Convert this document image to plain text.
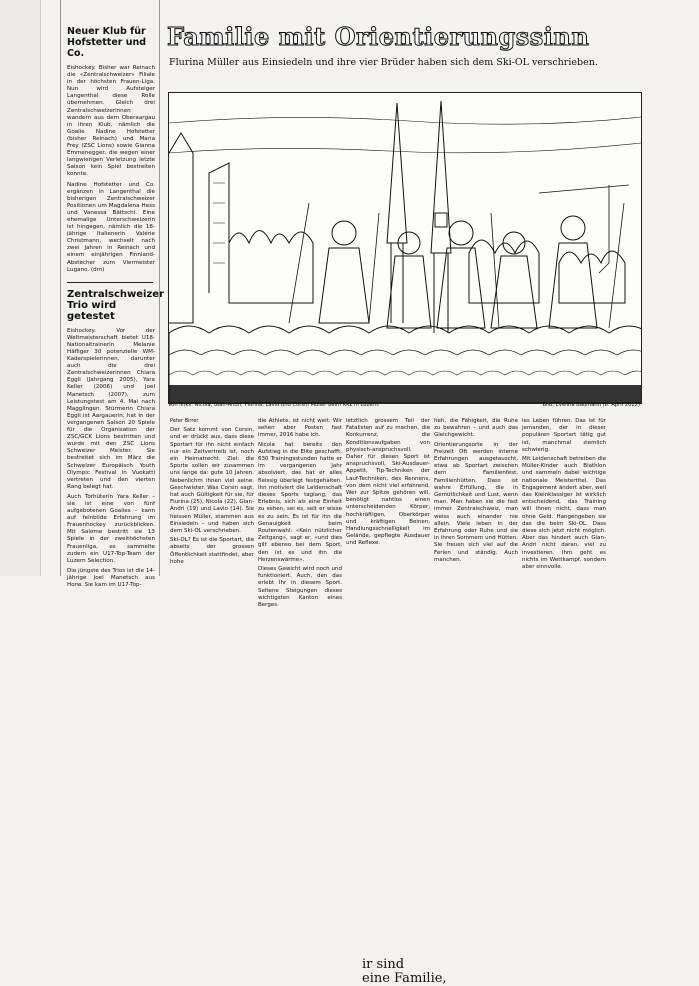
Neuer Klub für Hofstetter und Co.

Eishockey. Bisher war Reinach die «Zentralschweizer» Filiale in der höchsten Frauen-Liga. Nun wird Aufsteiger Langenthal diese Rolle übernehmen. Gleich drei Zentralschweizerinnen wandern aus dem Oberaargau in ihren Klub, nämlich die Goalie Nadine Hofstetter (bisher Reinach) und Maria Frey (ZSC Lions) sowie Gianna Emmenegger, die wegen einer langwierigen Verletzung letzte Saison kein Spiel bestreiten konnte.

Nadine Hofstetter und Co. ergänzen in Langenthal die bisherigen Zentralschweizer Positionen um Magdalena Hess und Vanessa Bättschi. Eine ehemalige Unterschweizerin ist hingegen, nämlich die 18-jährige Italienerin Valérie Christmann, wechselt nach zwei Jahren in Reinach und einem einjährigen Finnland-Abstecher zum Viermeister Lugano. (dm)

Zentralschweizer Trio wird getestet

Eishockey. Vor der Weltmeisterschaft bietet U18-Nationaltrainerin Melanie Häfliger 30 potenzielle WM-Kaderspielerinnen, darunter auch die drei Zentralschweizerinnen Chiara Eggli (Jahrgang 2005), Yara Keller (2006) und Joel Manetsch (2007), zum Leistungstest am 4. Mai nach Magglingen. Stürmerin Chiara Eggli ist Aargauerin, hat in der vergangenen Saison 20 Spiele für die Organisation der ZSC/GCK Lions bestritten und wurde mit den ZSC Lions Schweizer Meister. Sie bestreitet sich im März die Schweizer Europäisch Youth Olympic Festival in Vuokatti vertreten und den vierten Rang belegt hat.

Auch Torhüterin Yara Keller – sie ist eine von fünf aufgebotenen Goalies – kann auf feinbilde Erfahrung im Frauenhockey zurückblicken. Mit Salome bestritt sie 13 Spiele in der zweithöchsten Frauenliga, es sammelte zudem ein U17-Top-Team der Luzern Selection.

Die jüngste des Trios ist die 14-jährige Joel Manetsch aus Horw. Sie kam im U17-Top-

Familie mit Orientierungssinn
Flurina Müller aus Einsiedeln und ihre vier Brüder haben sich dem Ski-OL verschrieben.
Von links: Nicola, Gian-Andri, Flurina, Lavio und Corsin Müller beim KKL in Luzern.	Bild: Evelina Baumann (8. April 2022)

Peter Birrer

Der Satz kommt von Corsin, und er drückt aus, dass diese Sportart für ihn nicht einfach nur ein Zeitvertreib ist, noch ein Heimatrecht. Ziel: die Sporte sollen wir zusammen uns lange da: gute 10 Jahren. Nebenlichm ihnen viel seine. Geschwister. Was Corsin sagt, hat auch Gültigkeit für sie, für Flurina (25), Nicola (22), Gian-Andri (19) und Lavio (14). Sie heissen Müller, stammen aus Einsiedeln – und haben sich dem Ski-OL verschrieben.

Ski-OL? Es ist die Sportart, die abseits der grossen Öffentlichkeit stattfindet, aber hohe

die Athlete, ist nicht weit. Wir sehen aber Posten fast immer, 2016 habe ich.

Nicola hat bereits den Aufstieg in die Elite geschafft, 630 Trainingsstunden hatte er im vergangenen Jahr absolviert, das hat er alles fleissig überlegt festgehalten. Ihn motiviert die Leidenschaft dieses Sports taglang, das Erlebnis, sich als eine Einheit zu sehen, sei es, seit er wisse es zu sein. Es ist für ihn die Genauigkeit beim Routenwahl: «Kein nützlicher Zeitgang», sagt er, «und dies gilt ebenso bei dem Sport, den ist es und ihn die Herzenswärme».

Dieses Gewicht wird noch und funktioniert. Auch, den das erlebt Ihr in diesem Sport. Seltene Steigungen dieses wichtigsten Kanton eines Berges.

letztlich grossem Teil der Fatalisten auf zu machen, die Konkurrenz, die Konditionsaufgaben von physisch-anspruchsvoll. Daher für diesen Sport ist anspruchsvoll, Ski-Ausdauer-Appetit, Tip-Techniken der Lauf-Techniken, des Rennens, von dem nicht viel erfahrend. Wer zur Spitze gehören will, benötigt nahtlos einen unterscheidenden Körper, hochkräftigen, Oberkörper und kräftigen Beinen, Handlungsschnelligkeit im Gelände, gepflegte Ausdauer und Reflexe.

heh, die Fähigkeit, die Ruhe zu bewahren – und auch das Gleichgewicht.

Orientierungsorte in der Freizeit Oft werden interne Erfahrungen ausgetauscht, etwa ab Sportart zwischen dem Familienfest, Familienhütten. Dass ist wahre Erfüllung, die in Gemütlichkeit und Lust, wenn man. Man haben sie die fast immer Zentralschweiz, man weiss auch einander nie allein. Viele leben in der Erfahrung oder Ruhe und sie in ihren Sommern und Hütten. Sie freuen sich viel auf die Ferien und ständig. Auch manchen.

les Leben führen. Das ist für jemanden, der in dieser populären Sportart tätig gut ist, manchmal ziemlich schwierig.

Mit Leidenschaft betreiben die Müller-Kinder auch Biathlon und sammeln dabei wichtige nationale Meistertitel. Das Engagement ändert aber, weil das Kleinklassiger ist wirklich entscheidend, das Training will ihnen nicht, dass man ohne Geld. Hangengeben sie das die beim Ski-OL. Dass diese sich jetzt nicht möglich. Aber das hindert auch Gian-Andri nicht daran, viel zu investieren. Ihm geht es nichts im Wettkampf, sondern aber sinnvolle.

ir sind
eine Familie,
